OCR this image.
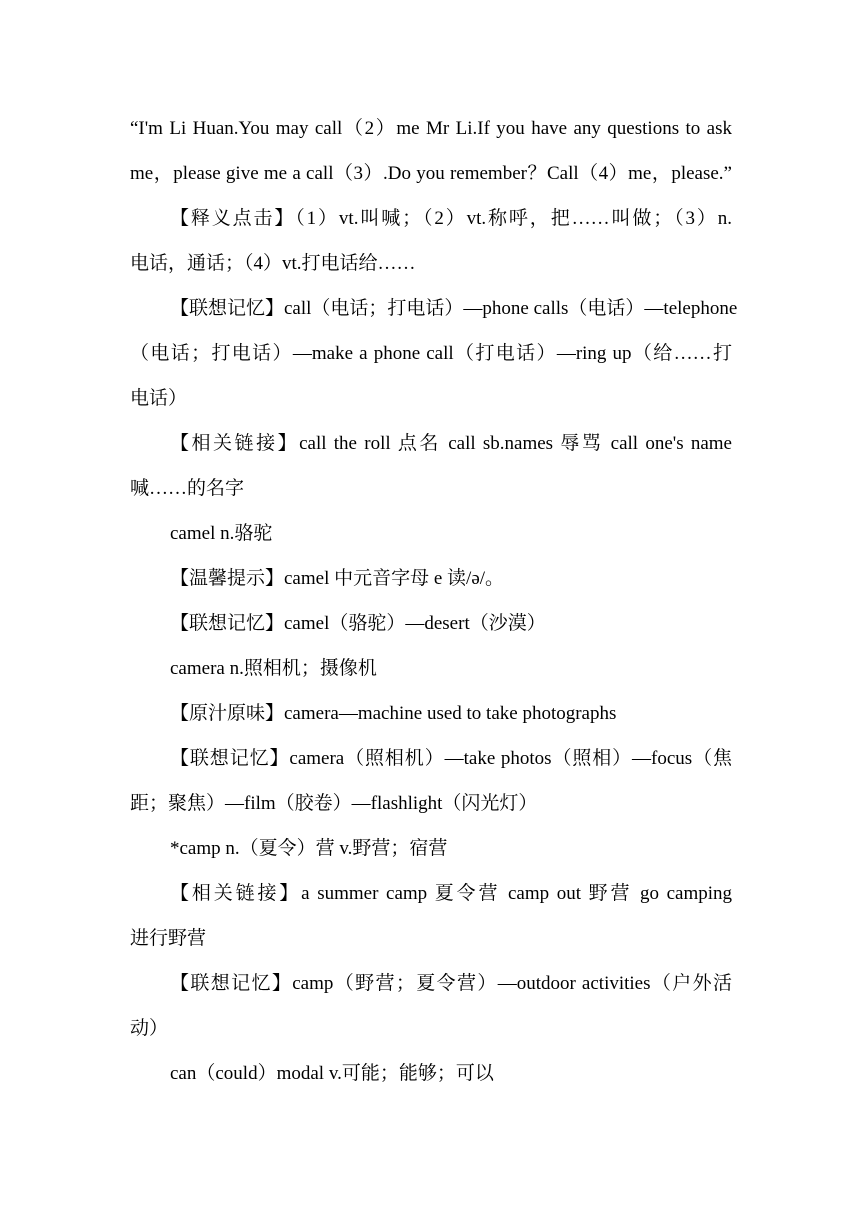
“I'm Li Huan.You may call（2）me Mr Li.If you have any questions to ask
me，please give me a call（3）.Do you remember？Call（4）me，please.”
【释义点击】（1）vt.叫喊；（2）vt.称呼，把……叫做；（3）n.
电话，通话；（4）vt.打电话给……
【联想记忆】call（电话；打电话）—phone calls（电话）—telephone
（电话；打电话）—make a phone call（打电话）—ring up（给……打
电话）
【相关链接】call the roll 点名 call sb.names 辱骂 call one's name
喊……的名字
camel n.骆驼
【温馨提示】camel 中元音字母 e 读/ə/。
【联想记忆】camel（骆驼）—desert（沙漠）
camera n.照相机；摄像机
【原汁原味】camera—machine used to take photographs
【联想记忆】camera（照相机）—take photos（照相）—focus（焦
距；聚焦）—film（胶卷）—flashlight（闪光灯）
*camp n.（夏令）营 v.野营；宿营
【相关链接】a summer camp 夏令营 camp out 野营 go camping
进行野营
【联想记忆】camp（野营；夏令营）—outdoor activities（户外活
动）
can（could）modal v.可能；能够；可以
